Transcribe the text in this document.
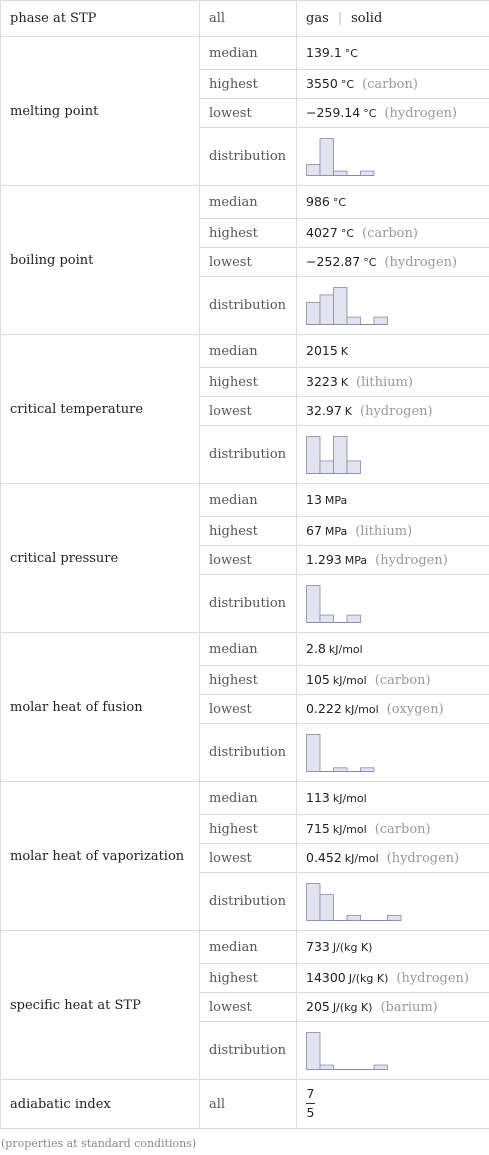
phase at STP	all	gas | solid
melting point	median	139.1 °C
	highest	3550 °C (carbon)
	lowest	−259.14 °C (hydrogen)
	distribution	

boiling point	median	986 °C
	highest	4027 °C (carbon)
	lowest	−252.87 °C (hydrogen)
	distribution	

critical temperature	median	2015 K
	highest	3223 K (lithium)
	lowest	32.97 K (hydrogen)
	distribution	

critical pressure	median	13 MPa
	highest	67 MPa (lithium)
	lowest	1.293 MPa (hydrogen)
	distribution	

molar heat of fusion	median	2.8 kJ/mol
	highest	105 kJ/mol (carbon)
	lowest	0.222 kJ/mol (oxygen)
	distribution	

molar heat of vaporization	median	113 kJ/mol
	highest	715 kJ/mol (carbon)
	lowest	0.452 kJ/mol (hydrogen)
	distribution	

specific heat at STP	median	733 J/(kg K)
	highest	14300 J/(kg K) (hydrogen)
	lowest	205 J/(kg K) (barium)
	distribution	

adiabatic index	all	$\frac{7}{5}$
(properties at standard conditions)
